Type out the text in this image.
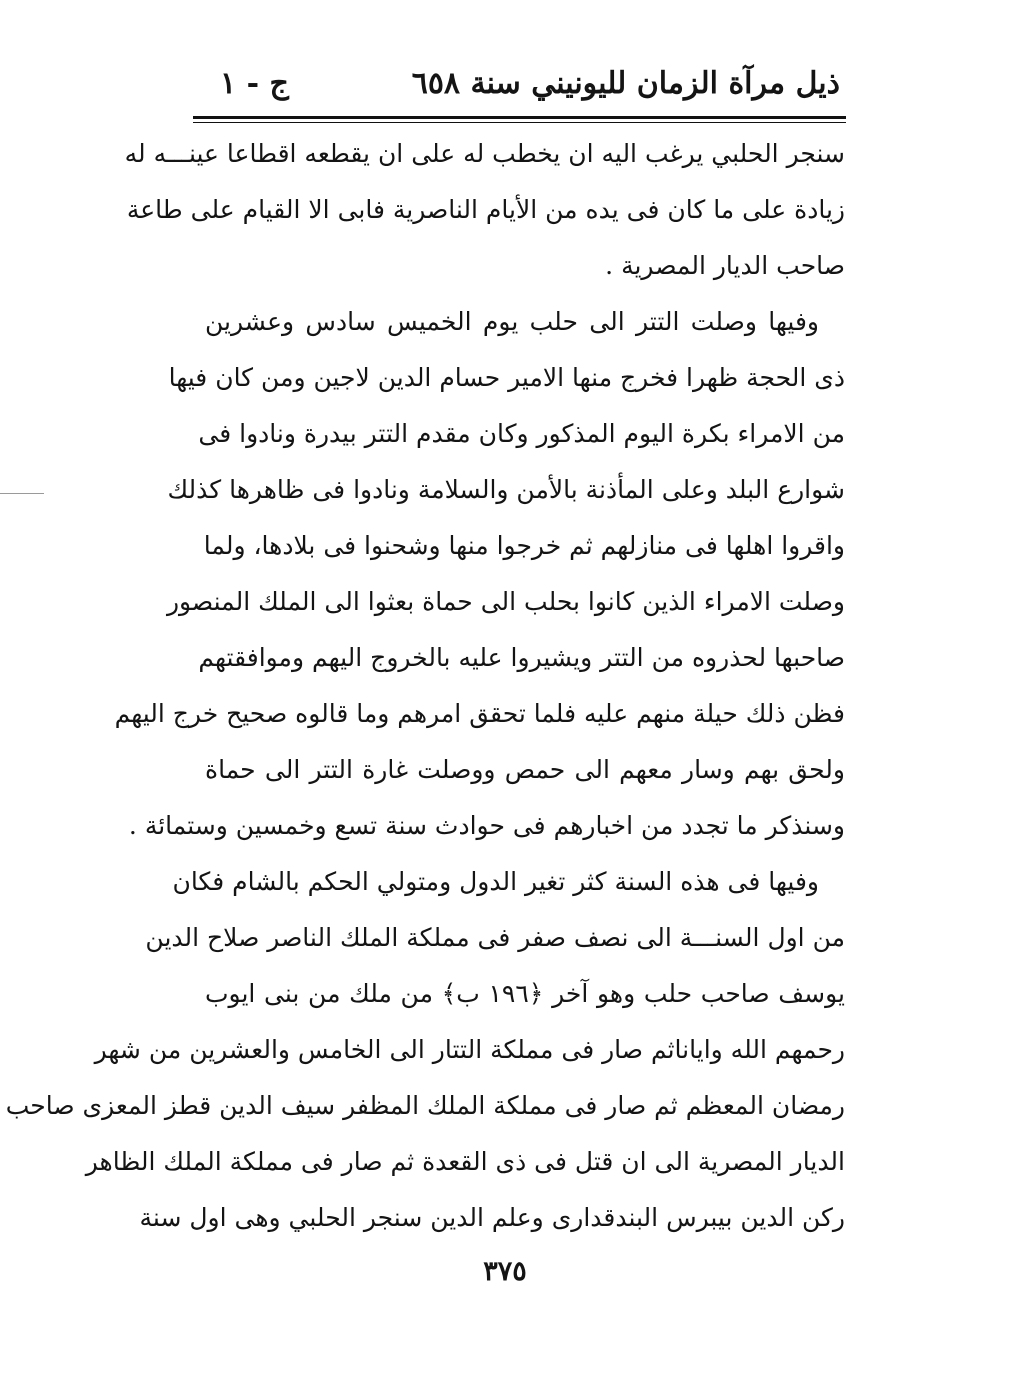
ذيل مرآة الزمان لليونيني سنة ٦٥٨
ج - ١
سنجر الحلبي يرغب اليه ان يخطب له على ان يقطعه اقطاعا عينـــه له
زيادة على ما كان فى يده من الأيام الناصرية فابى الا القيام على طاعة
صاحب الديار المصرية .
وفيها وصلت التتر الى حلب يوم الخميس سادس وعشرين
ذى الحجة ظهرا فخرج منها الامير حسام الدين لاجين ومن كان فيها
من الامراء بكرة اليوم المذكور وكان مقدم التتر بيدرة ونادوا فى
شوارع البلد وعلى المأذنة بالأمن والسلامة ونادوا فى ظاهرها كذلك
واقروا اهلها فى منازلهم ثم خرجوا منها وشحنوا فى بلادها، ولما
وصلت الامراء الذين كانوا بحلب الى حماة بعثوا الى الملك المنصور
صاحبها لحذروه من التتر ويشيروا عليه بالخروج اليهم وموافقتهم
فظن ذلك حيلة منهم عليه فلما تحقق امرهم وما قالوه صحيح خرج اليهم
ولحق بهم وسار معهم الى حمص ووصلت غارة التتر الى حماة
وسنذكر ما تجدد من اخبارهم فى حوادث سنة تسع وخمسين وستمائة .
وفيها فى هذه السنة كثر تغير الدول ومتولي الحكم بالشام فكان
من اول السنـــة الى نصف صفر فى مملكة الملك الناصر صلاح الدين
يوسف صاحب حلب وهو آخر ﴿١٩٦ ب﴾ من ملك من بنى ايوب
رحمهم الله واياناثم صار فى مملكة التتار الى الخامس والعشرين من شهر
رمضان المعظم ثم صار فى مملكة الملك المظفر سيف الدين قطز المعزى صاحب
الديار المصرية الى ان قتل فى ذى القعدة ثم صار فى مملكة الملك الظاهر
ركن الدين بيبرس البندقدارى وعلم الدين سنجر الحلبي وهى اول سنة
٣٧٥
